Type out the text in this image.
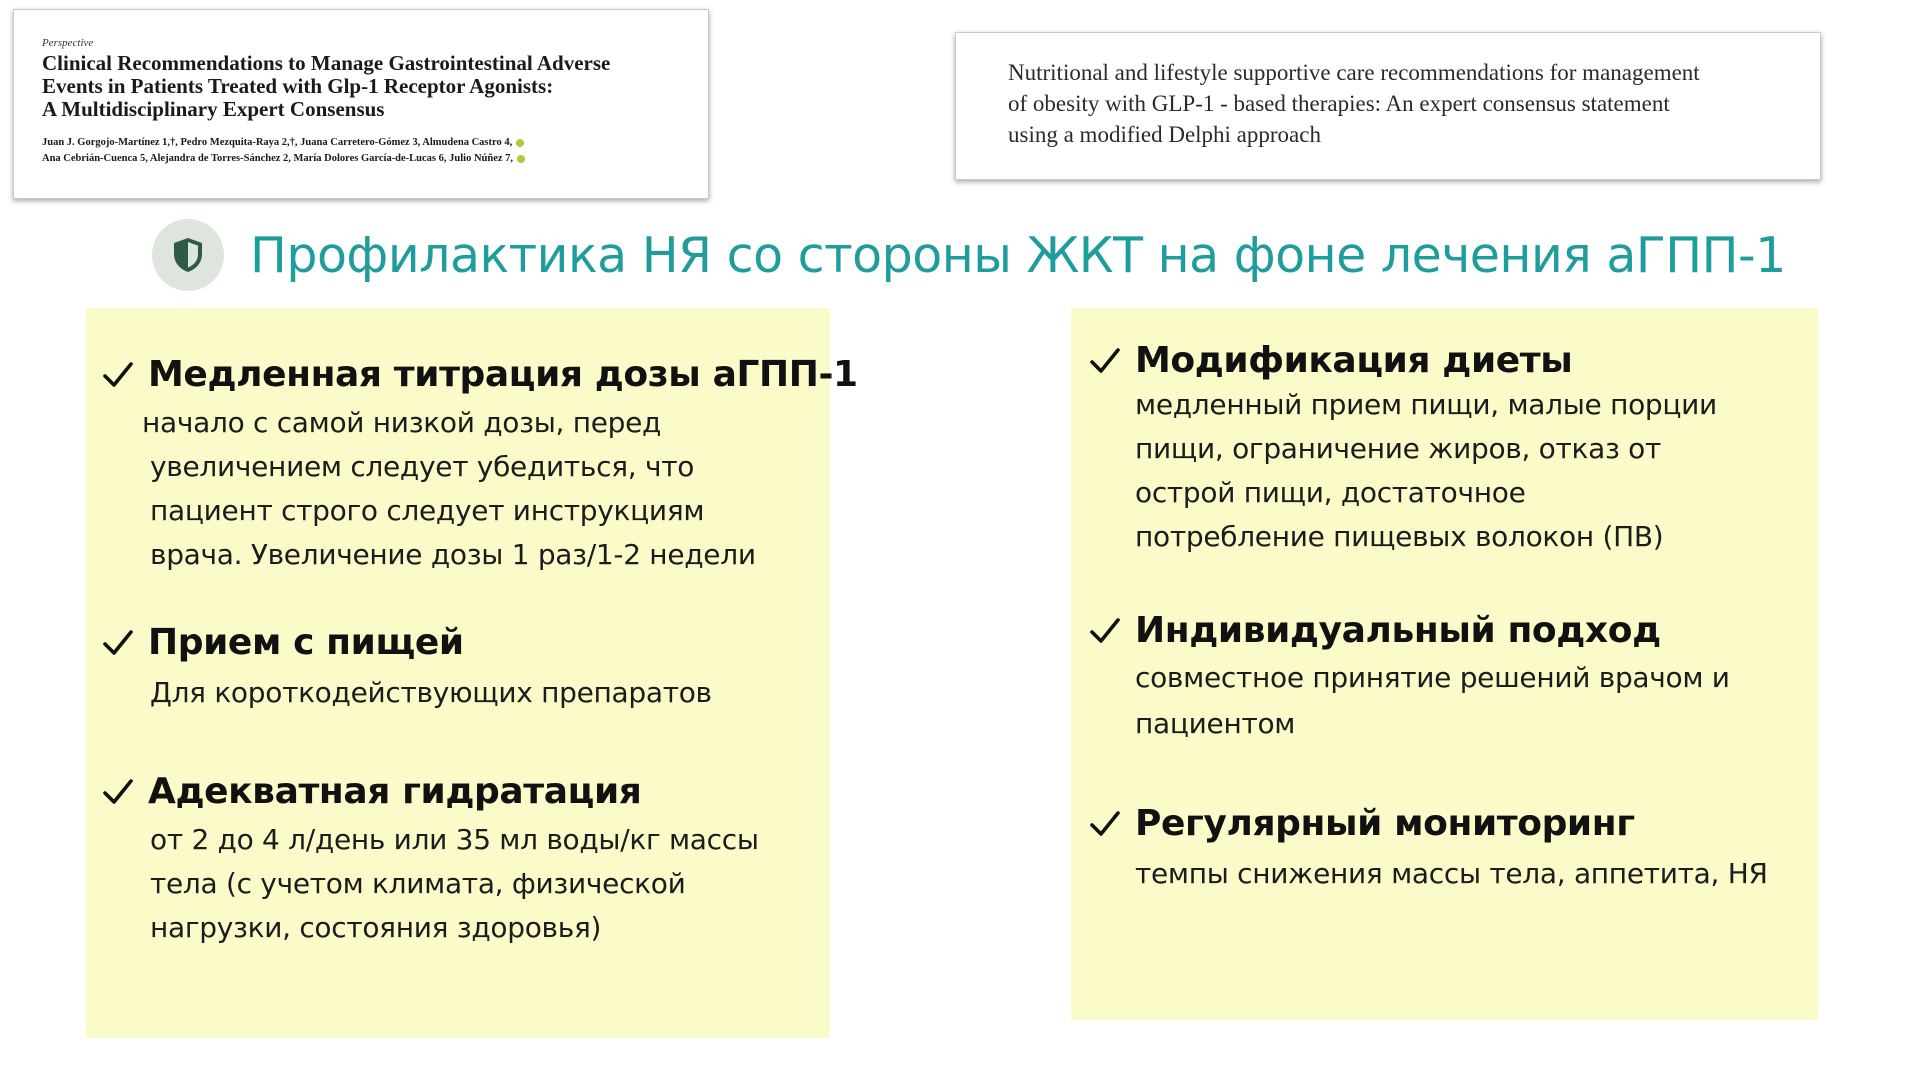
Perspective
Clinical Recommendations to Manage Gastrointestinal Adverse
Events in Patients Treated with Glp-1 Receptor Agonists:
A Multidisciplinary Expert Consensus
Juan J. Gorgojo-Martínez 1,†, Pedro Mezquita-Raya 2,†, Juana Carretero-Gómez 3, Almudena Castro 4,
Ana Cebrián-Cuenca 5, Alejandra de Torres-Sánchez 2, María Dolores García-de-Lucas 6, Julio Núñez 7,
Nutritional and lifestyle supportive care recommendations for management
of obesity with GLP-1 - based therapies: An expert consensus statement
using a modified Delphi approach
Профилактика НЯ со стороны ЖКТ на фоне лечения аГПП-1
Медленная титрация дозы аГПП-1
начало с самой низкой дозы, перед
увеличением следует убедиться, что
пациент строго следует инструкциям
врача. Увеличение дозы 1 раз/1-2 недели
Прием с пищей
Для короткодействующих препаратов
Адекватная гидратация
от 2 до 4 л/день или 35 мл воды/кг массы
тела (с учетом климата, физической
нагрузки, состояния здоровья)
Модификация диеты
медленный прием пищи, малые порции
пищи, ограничение жиров, отказ от
острой пищи, достаточное
потребление пищевых волокон (ПВ)
Индивидуальный подход
совместное принятие решений врачом и
пациентом
Регулярный мониторинг
темпы снижения массы тела, аппетита, НЯ
